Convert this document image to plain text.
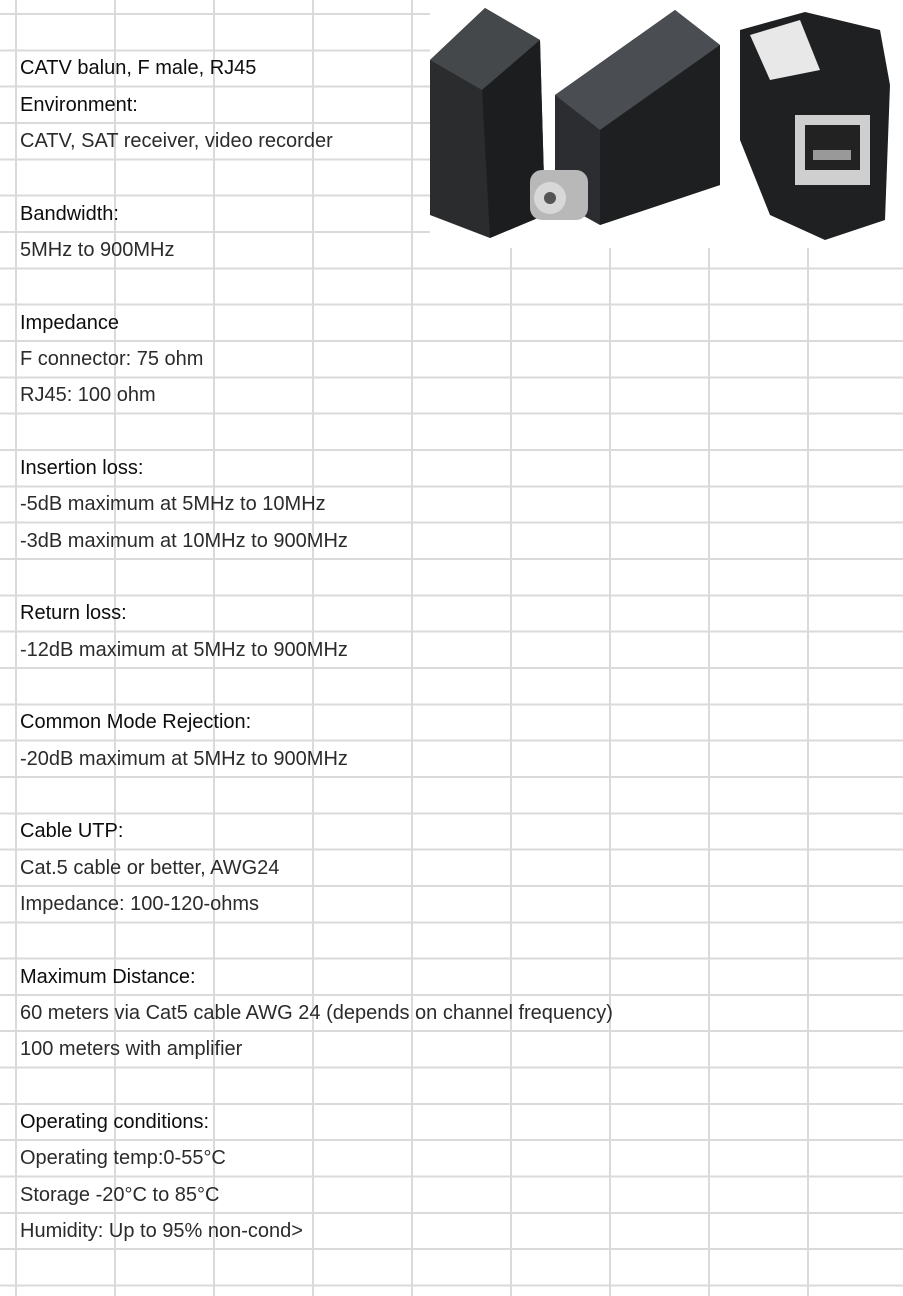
CATV balun, F male, RJ45
Environment:
CATV, SAT receiver, video recorder
Bandwidth:
5MHz to 900MHz
Impedance
F connector: 75 ohm
RJ45: 100 ohm
Insertion loss:
-5dB maximum at 5MHz to 10MHz
-3dB maximum at 10MHz to 900MHz
Return loss:
-12dB maximum at 5MHz to 900MHz
Common Mode Rejection:
-20dB maximum at 5MHz to 900MHz
Cable UTP:
Cat.5 cable or better, AWG24
Impedance: 100-120-ohms
Maximum Distance:
60 meters via Cat5 cable AWG 24 (depends on channel frequency)
100 meters with amplifier
Operating conditions:
Operating temp:0-55°C
Storage -20°C to 85°C
Humidity: Up to 95% non-cond>
